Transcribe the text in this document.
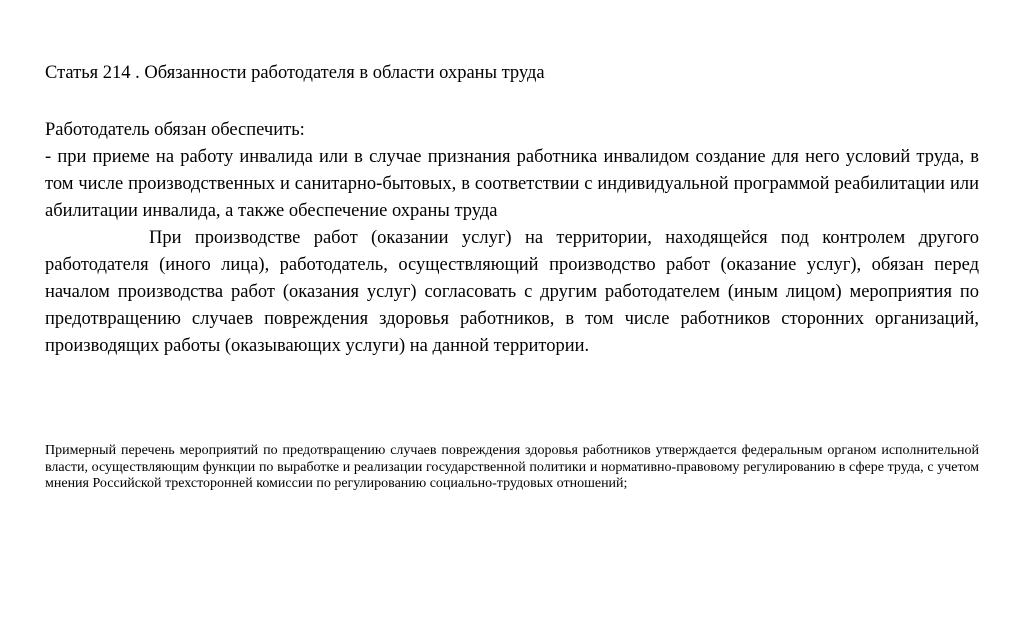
Статья 214 . Обязанности работодателя в области охраны труда

Работодатель обязан обеспечить:

- при приеме на работу инвалида или в случае признания работника инвалидом создание для него условий труда, в том числе производственных и санитарно-бытовых, в соответствии с индивидуальной программой реабилитации или абилитации инвалида, а также обеспечение охраны труда

При производстве работ (оказании услуг) на территории, находящейся под контролем другого работодателя (иного лица), работодатель, осуществляющий производство работ (оказание услуг), обязан перед началом производства работ (оказания услуг) согласовать с другим работодателем (иным лицом) мероприятия по предотвращению случаев повреждения здоровья работников, в том числе работников сторонних организаций, производящих работы (оказывающих услуги) на данной территории.

Примерный перечень мероприятий по предотвращению случаев повреждения здоровья работников утверждается федеральным органом исполнительной власти, осуществляющим функции по выработке и реализации государственной политики и нормативно-правовому регулированию в сфере труда, с учетом мнения Российской трехсторонней комиссии по регулированию социально-трудовых отношений;
